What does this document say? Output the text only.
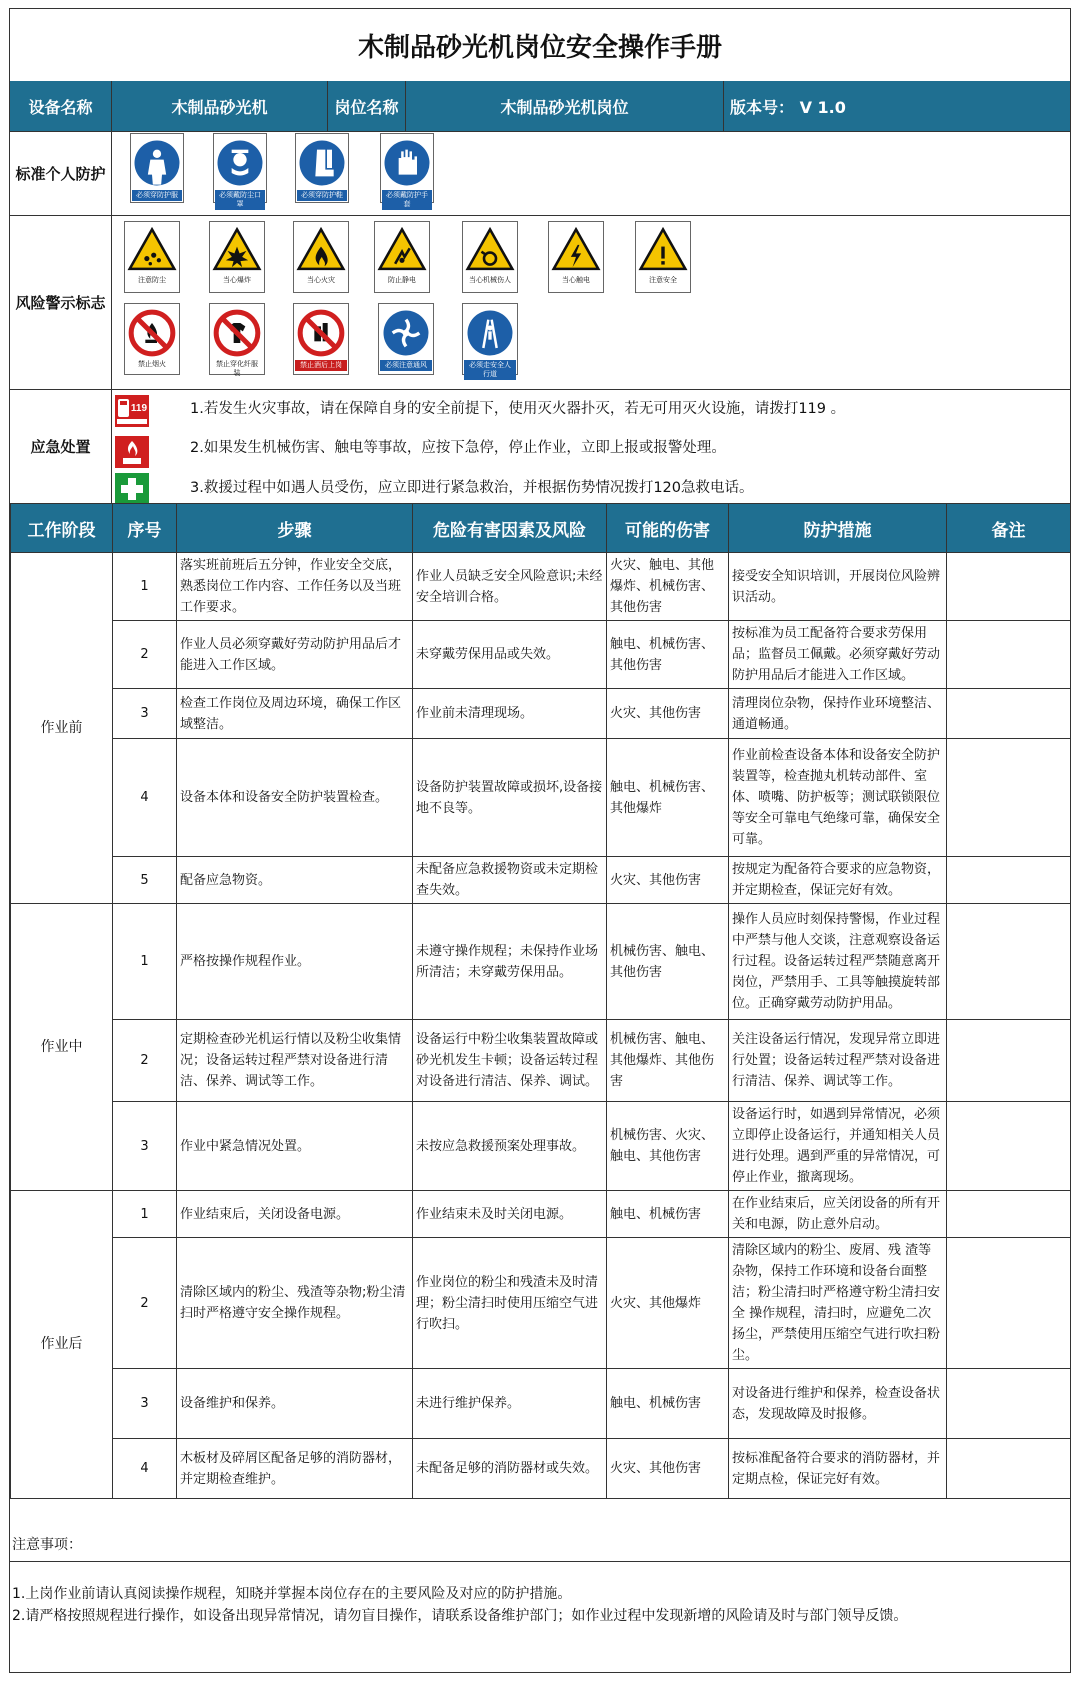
木制品砂光机岗位安全操作手册
设备名称	木制品砂光机	岗位名称	木制品砂光机岗位	版本号： V 1.0
标准个人防护
必须穿防护服	必须戴防尘口罩
必须穿防护鞋	必须戴防护手套
风险警示标志
注意防尘	当心爆炸	当心火灾	防止静电	当心机械伤人	当心触电	注意安全
禁止烟火	禁止穿化纤服装
禁止酒后上岗	必须注意通风	必须走安全人行道
应急处置
119	1.若发生火灾事故，请在保障自身的安全前提下，使用灭火器扑灭，若无可用灭火设施，请拨打119 。
2.如果发生机械伤害、触电等事故，应按下急停，停止作业，立即上报或报警处理。
3.救援过程中如遇人员受伤，应立即进行紧急救治，并根据伤势情况拨打120急救电话。
工作阶段	序号	步骤	危险有害因素及风险	可能的伤害	防护措施	备注
作业前	1	落实班前班后五分钟，作业安全交底，熟悉岗位工作内容、工作任务以及当班工作要求。	作业人员缺乏安全风险意识;未经安全培训合格。	火灾、触电、其他爆炸、机械伤害、其他伤害	接受安全知识培训，开展岗位风险辨识活动。	
	2	作业人员必须穿戴好劳动防护用品后才能进入工作区域。	未穿戴劳保用品或失效。	触电、机械伤害、其他伤害	按标准为员工配备符合要求劳保用品；监督员工佩戴。必须穿戴好劳动防护用品后才能进入工作区域。	
	3	检查工作岗位及周边环境，确保工作区域整洁。	作业前未清理现场。	火灾、其他伤害	清理岗位杂物，保持作业环境整洁、通道畅通。	
	4	设备本体和设备安全防护装置检查。	设备防护装置故障或损坏,设备接地不良等。	触电、机械伤害、其他爆炸	作业前检查设备本体和设备安全防护装置等，检查抛丸机转动部件、室体、喷嘴、防护板等；测试联锁限位等安全可靠电气绝缘可靠，确保安全可靠。	
	5	配备应急物资。	未配备应急救援物资或未定期检查失效。	火灾、其他伤害	按规定为配备符合要求的应急物资，并定期检查，保证完好有效。	
作业中	1	严格按操作规程作业。	未遵守操作规程；未保持作业场所清洁；未穿戴劳保用品。	机械伤害、触电、其他伤害	操作人员应时刻保持警惕，作业过程中严禁与他人交谈，注意观察设备运行过程。设备运转过程严禁随意离开岗位，严禁用手、工具等触摸旋转部位。正确穿戴劳动防护用品。	
	2	定期检查砂光机运行情以及粉尘收集情况；设备运转过程严禁对设备进行清洁、保养、调试等工作。	设备运行中粉尘收集装置故障或砂光机发生卡顿；设备运转过程对设备进行清洁、保养、调试。	机械伤害、触电、其他爆炸、其他伤害	关注设备运行情况，发现异常立即进行处置；设备运转过程严禁对设备进行清洁、保养、调试等工作。	
	3	作业中紧急情况处置。	未按应急救援预案处理事故。	机械伤害、火灾、触电、其他伤害	设备运行时，如遇到异常情况，必须立即停止设备运行，并通知相关人员进行处理。遇到严重的异常情况，可停止作业，撤离现场。	
作业后	1	作业结束后，关闭设备电源。	作业结束未及时关闭电源。	触电、机械伤害	在作业结束后，应关闭设备的所有开关和电源，防止意外启动。	
	2	清除区域内的粉尘、残渣等杂物;粉尘清扫时严格遵守安全操作规程。	作业岗位的粉尘和残渣未及时清理；粉尘清扫时使用压缩空气进行吹扫。	火灾、其他爆炸	清除区域内的粉尘、废屑、残 渣等杂物，保持工作环境和设备台面整洁；粉尘清扫时严格遵守粉尘清扫安全 操作规程，清扫时，应避免二次扬尘，严禁使用压缩空气进行吹扫粉尘。	
	3	设备维护和保养。	未进行维护保养。	触电、机械伤害	对设备进行维护和保养，检查设备状态，发现故障及时报修。	
	4	木板材及碎屑区配备足够的消防器材，并定期检查维护。	未配备足够的消防器材或失效。	火灾、其他伤害	按标准配备符合要求的消防器材，并定期点检，保证完好有效。	
注意事项：
1.上岗作业前请认真阅读操作规程，知晓并掌握本岗位存在的主要风险及对应的防护措施。
2.请严格按照规程进行操作，如设备出现异常情况，请勿盲目操作，请联系设备维护部门；如作业过程中发现新增的风险请及时与部门领导反馈。
